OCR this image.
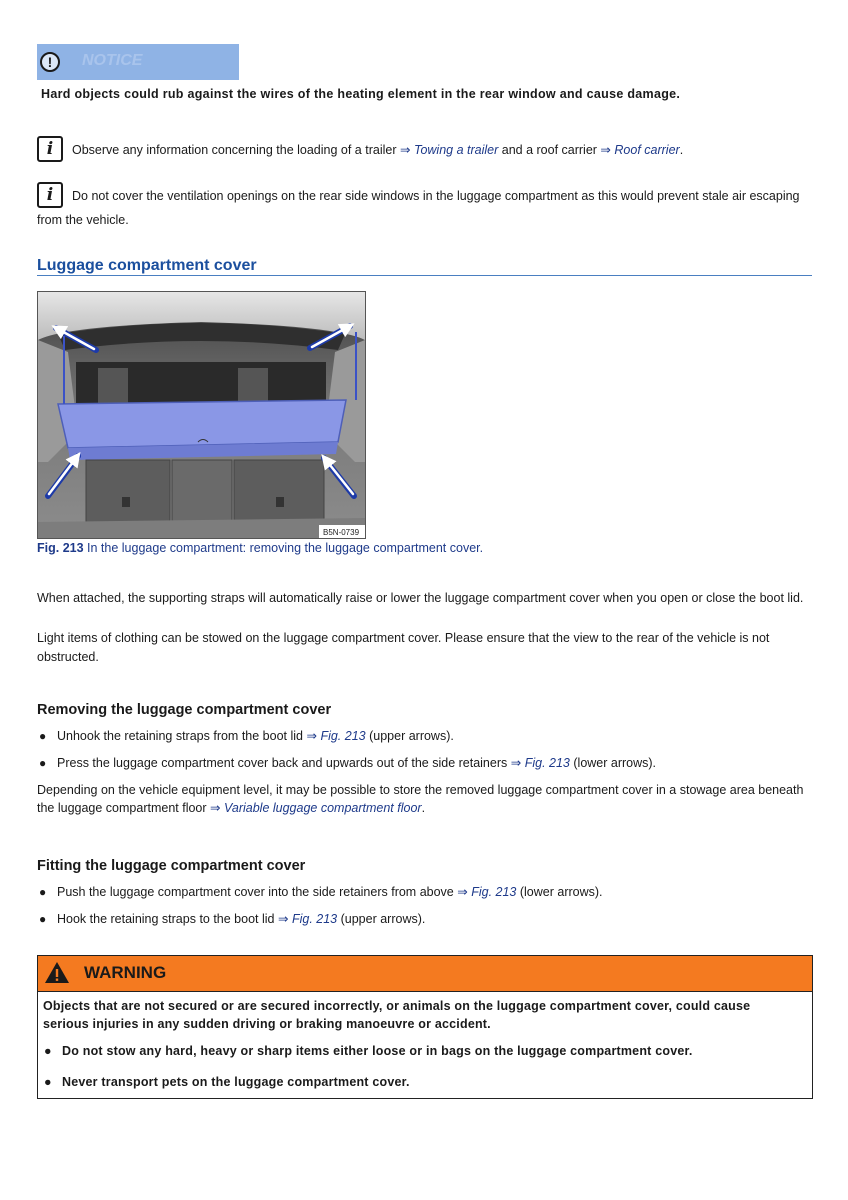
!	NOTICE
Hard objects could rub against the wires of the heating element in the rear window and cause damage.
i	Observe any information concerning the loading of a trailer ⇒ Towing a trailer and a roof carrier ⇒ Roof carrier.
i	Do not cover the ventilation openings on the rear side windows in the luggage compartment as this would prevent stale air escaping
from the vehicle.
Luggage compartment cover
B5N-0739
Fig. 213 In the luggage compartment: removing the luggage compartment cover.
When attached, the supporting straps will automatically raise or lower the luggage compartment cover when you open or close the boot lid.
Light items of clothing can be stowed on the luggage compartment cover. Please ensure that the view to the rear of the vehicle is not
obstructed.
Removing the luggage compartment cover
● Unhook the retaining straps from the boot lid ⇒ Fig. 213 (upper arrows).
● Press the luggage compartment cover back and upwards out of the side retainers ⇒ Fig. 213 (lower arrows).
Depending on the vehicle equipment level, it may be possible to store the removed luggage compartment cover in a stowage area beneath
the luggage compartment floor ⇒ Variable luggage compartment floor.
Fitting the luggage compartment cover
● Push the luggage compartment cover into the side retainers from above ⇒ Fig. 213 (lower arrows).
● Hook the retaining straps to the boot lid ⇒ Fig. 213 (upper arrows).
WARNING
Objects that are not secured or are secured incorrectly, or animals on the luggage compartment cover, could cause
serious injuries in any sudden driving or braking manoeuvre or accident.
● Do not stow any hard, heavy or sharp items either loose or in bags on the luggage compartment cover.
● Never transport pets on the luggage compartment cover.
